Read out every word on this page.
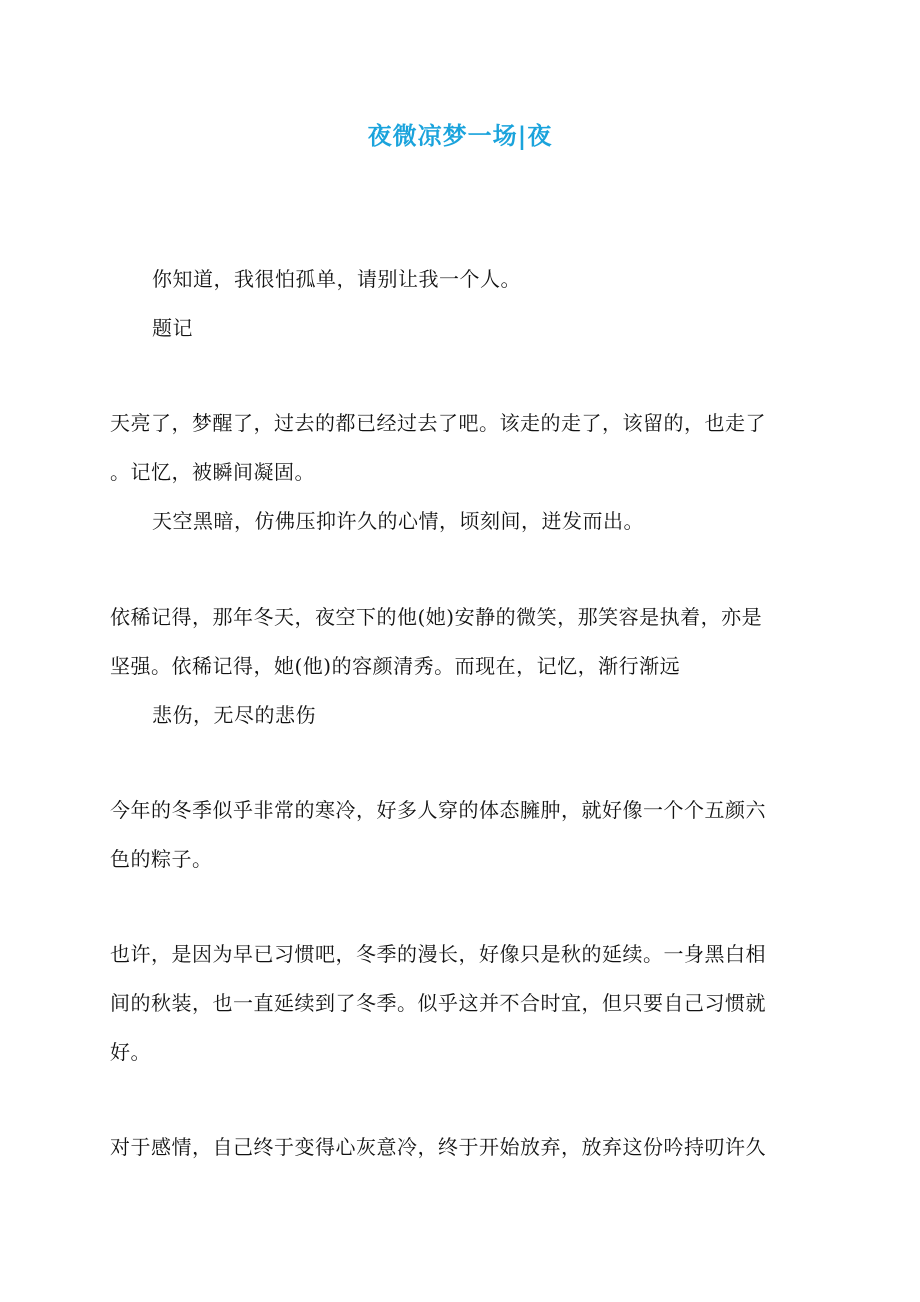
夜微凉梦一场|夜
你知道，我很怕孤单，请别让我一个人。
题记
天亮了，梦醒了，过去的都已经过去了吧。该走的走了，该留的，也走了
。记忆，被瞬间凝固。
天空黑暗，仿佛压抑许久的心情，顷刻间，迸发而出。
依稀记得，那年冬天，夜空下的他(她)安静的微笑，那笑容是执着，亦是
坚强。依稀记得，她(他)的容颜清秀。而现在，记忆，渐行渐远
悲伤，无尽的悲伤
今年的冬季似乎非常的寒冷，好多人穿的体态臃肿，就好像一个个五颜六
色的粽子。
也许，是因为早已习惯吧，冬季的漫长，好像只是秋的延续。一身黑白相
间的秋装，也一直延续到了冬季。似乎这并不合时宜，但只要自己习惯就
好。
对于感情，自己终于变得心灰意冷，终于开始放弃，放弃这份吟持叨许久
